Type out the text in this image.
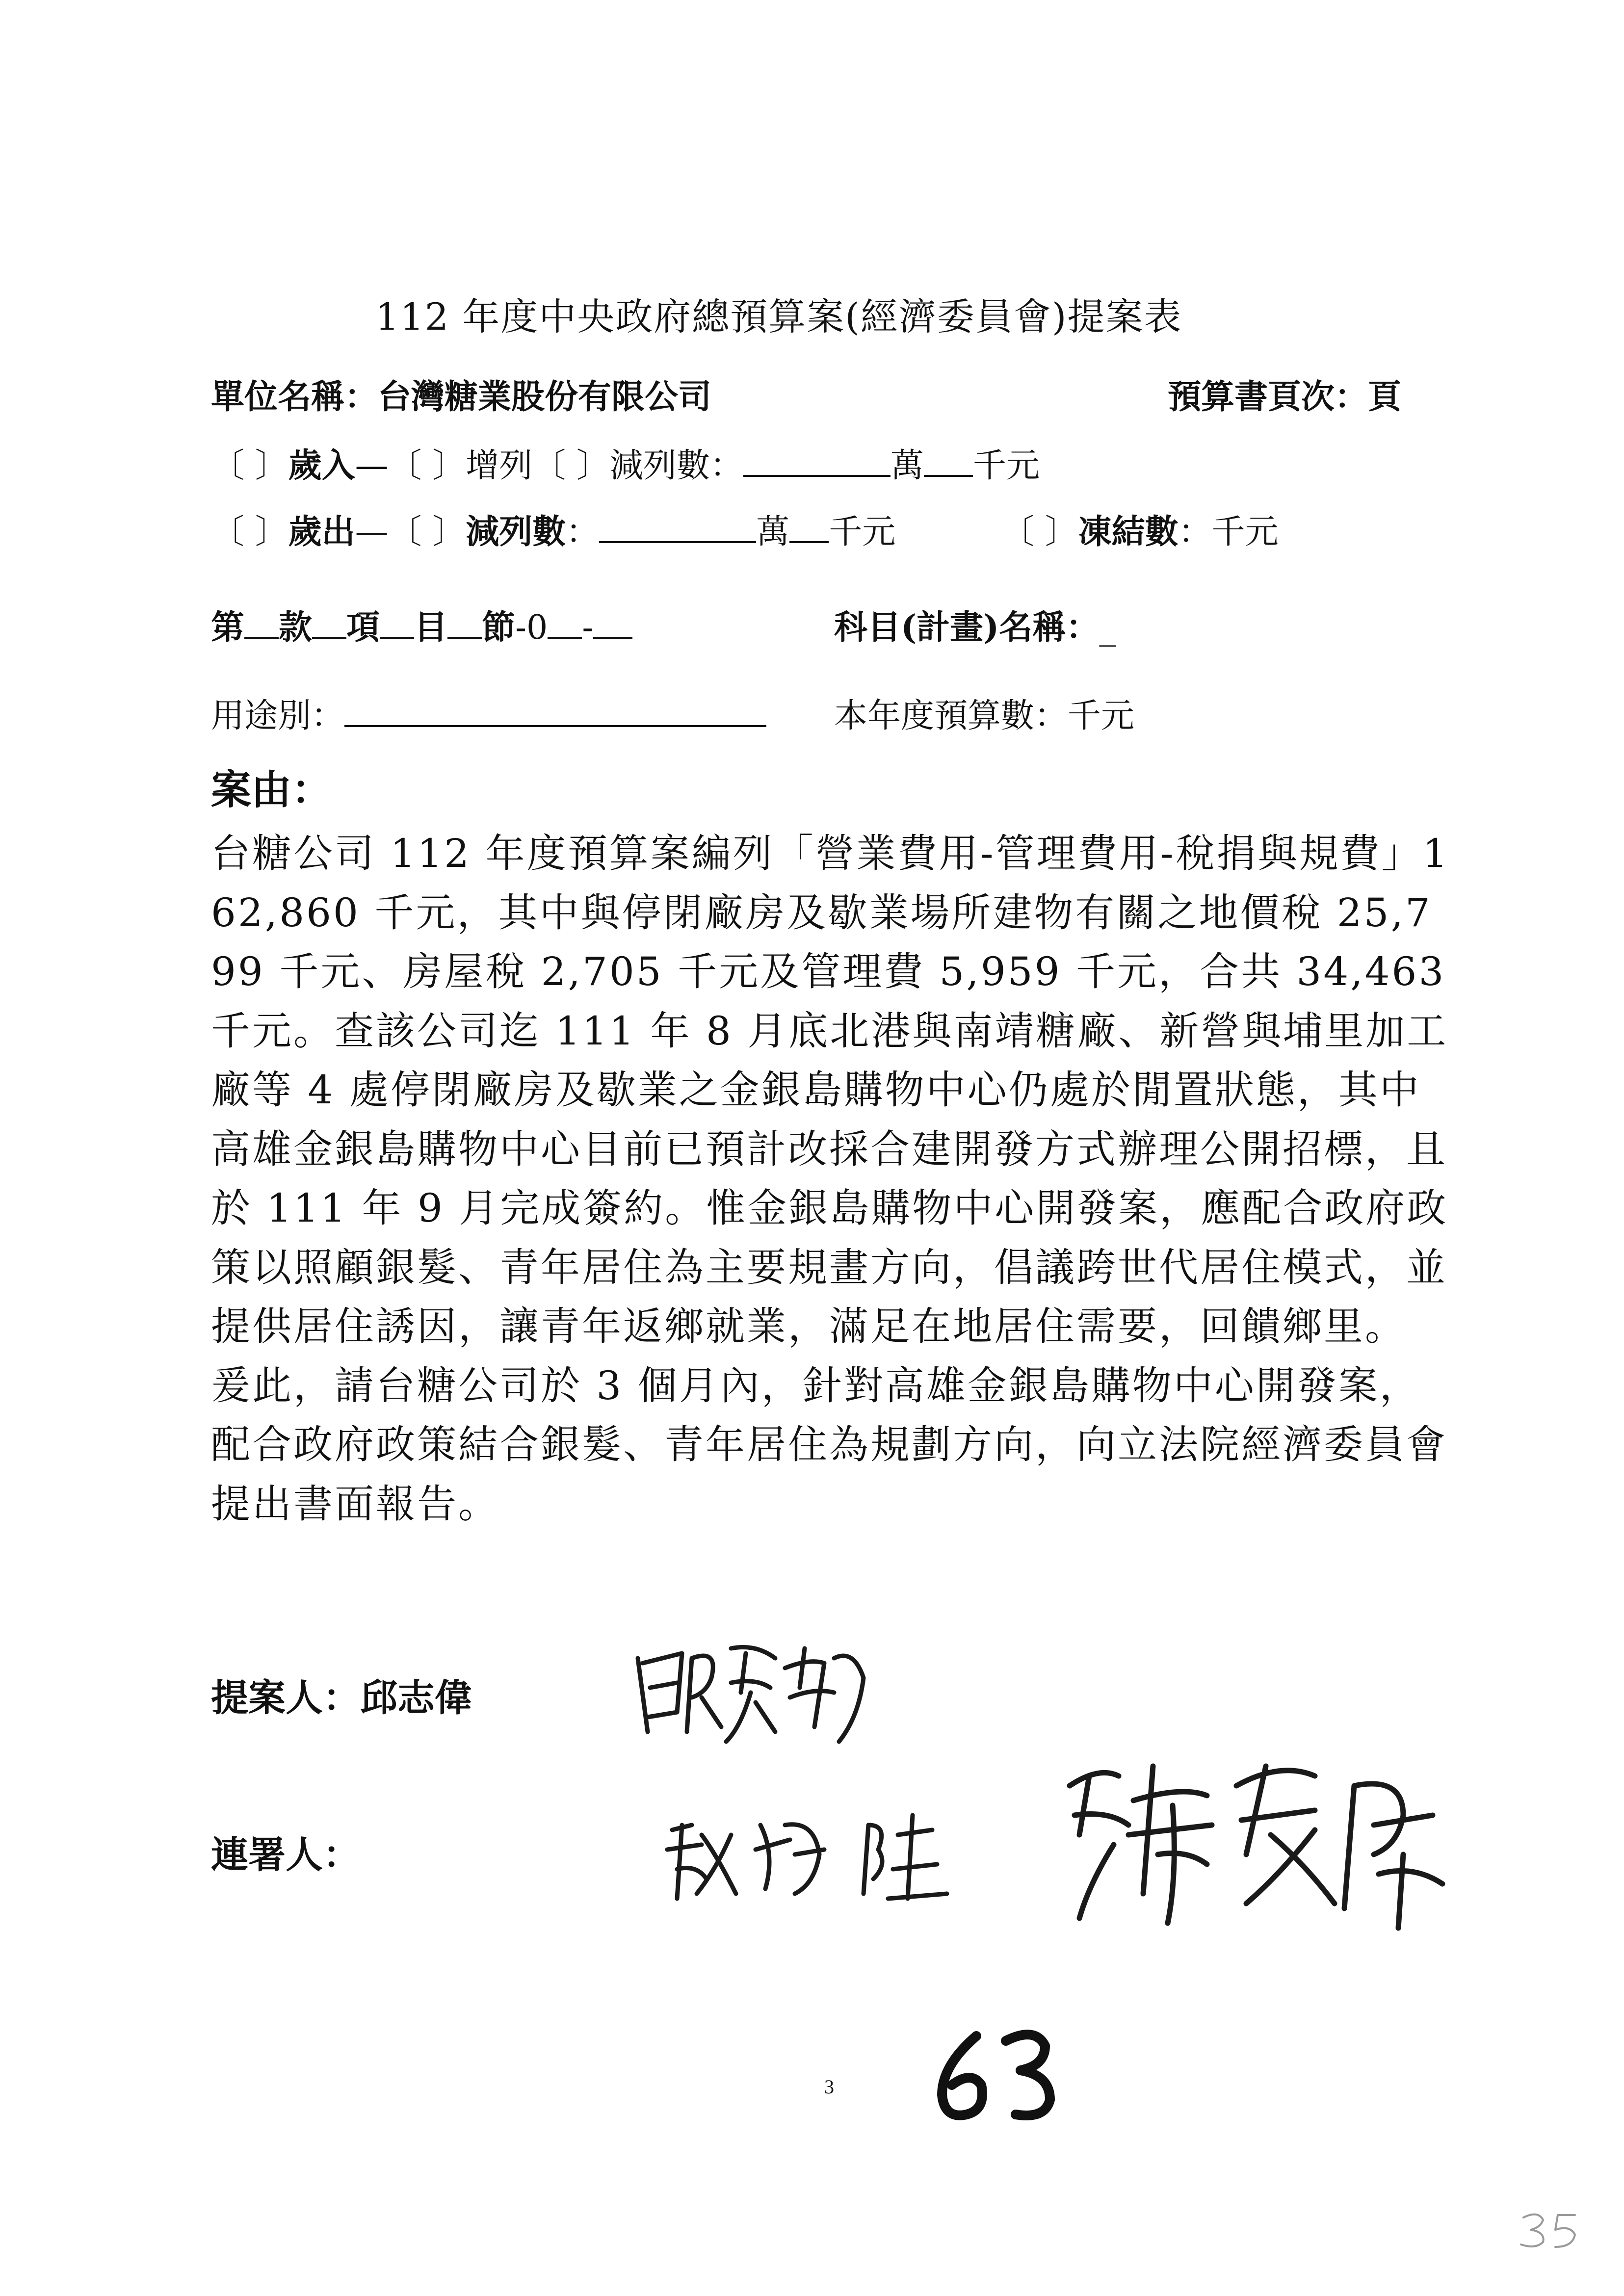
112 年度中央政府總預算案(經濟委員會)提案表
單位名稱：台灣糖業股份有限公司	預算書頁次：頁
〔 〕歲入—〔 〕增列〔 〕減列數：	萬 千元
〔 〕歲出—〔 〕減列數：	萬 千元	〔 〕凍結數：千元
第 款 項 目 節-0 -	科目(計畫)名稱：_
用途別：	本年度預算數：千元
案由：

台糖公司 112 年度預算案編列「營業費用-管理費用-稅捐與規費」162,860 千元，其中與停閉廠房及歇業場所建物有關之地價稅 25,799 千元、房屋稅 2,705 千元及管理費 5,959 千元，合共 34,463 千元。查該公司迄 111 年 8 月底北港與南靖糖廠、新營與埔里加工廠等 4 處停閉廠房及歇業之金銀島購物中心仍處於閒置狀態，其中高雄金銀島購物中心目前已預計改採合建開發方式辦理公開招標，且於 111 年 9 月完成簽約。惟金銀島購物中心開發案，應配合政府政策以照顧銀髮、青年居住為主要規畫方向，倡議跨世代居住模式，並提供居住誘因，讓青年返鄉就業，滿足在地居住需要，回饋鄉里。

爰此，請台糖公司於 3 個月內，針對高雄金銀島購物中心開發案，配合政府政策結合銀髮、青年居住為規劃方向，向立法院經濟委員會提出書面報告。

提案人：邱志偉
連署人：
3
